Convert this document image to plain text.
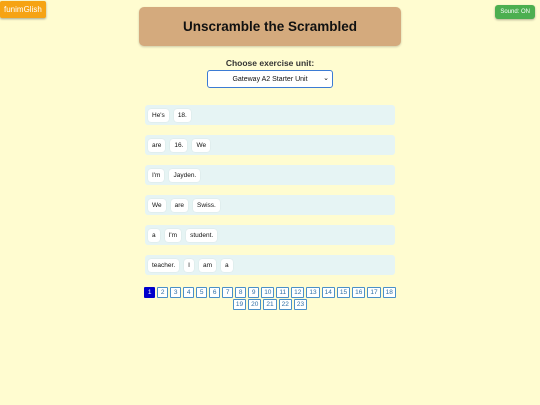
funimGlish	Sound: ON
Unscramble the Scrambled
Choose exercise unit:
Gateway A2 Starter Unit ⌄
He's	18.
are	16.	We
I'm	Jayden.
We	are	Swiss.
a	I'm	student.
teacher.	I	am	a
1 2 3 4 5 6 7 8 9 10 11 12 13 14 15 16 17 1819 20 21 22 23
